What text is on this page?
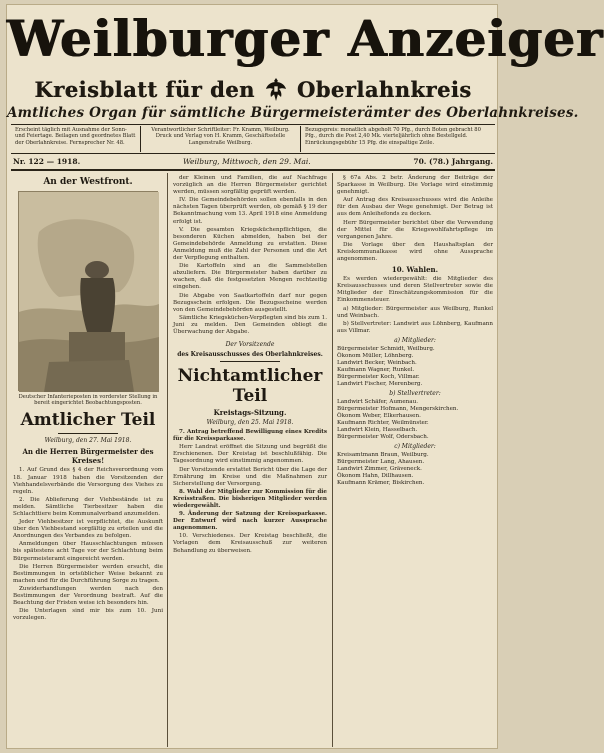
Weilburger Anzeiger
Kreisblatt für den Oberlahnkreis
Amtliches Organ für sämtliche Bürgermeisterämter des Oberlahnkreises.
Erscheint täglich mit Ausnahme der Sonn- und Feiertage. Beilagen und geordnetes Blatt der Oberlahnkreise. Fernsprecher Nr. 48.
Verantwortlicher Schriftleiter: Fr. Kramm, Weilburg. Druck und Verlag von H. Kramm, Geschäftsstelle Langenstraße Weilburg.
Bezugspreis: monatlich abgeholt 70 Pfg., durch Boten gebracht 80 Pfg., durch die Post 2,40 Mk. vierteljährlich ohne Bestellgeld. Einrückungsgebühr 15 Pfg. die einspaltige Zeile.
Nr. 122 — 1918.	Weilburg, Mittwoch, den 29. Mai.	70. (78.) Jahrgang.
An der Westfront.
Deutscher Infanterieposten in vorderster Stellung in bereit eingerichtet Beobachtungsposten.
Amtlicher Teil
Weilburg, den 27. Mai 1918.
An die Herren Bürgermeister des Kreises!

1. Auf Grund des § 4 der Reichsverordnung vom 18. Januar 1918 haben die Vorsitzenden der Viehhandelsverbände die Versorgung des Viehes zu regeln.

2. Die Ablieferung der Viehbestände ist zu melden. Sämtliche Tierbesitzer haben die Schlachttiere beim Kommunalverband anzumelden.

Jeder Viehbesitzer ist verpflichtet, die Auskunft über den Viehbestand sorgfältig zu erteilen und die Anordnungen des Verbandes zu befolgen.

Anmeldungen über Hausschlachtungen müssen bis spätestens acht Tage vor der Schlachtung beim Bürgermeisteramt eingereicht werden.

Die Herren Bürgermeister werden ersucht, die Bestimmungen in ortsüblicher Weise bekannt zu machen und für die Durchführung Sorge zu tragen.

Zuwiderhandlungen werden nach den Bestimmungen der Verordnung bestraft. Auf die Beachtung der Fristen weise ich besonders hin.

Die Unterlagen sind mir bis zum 10. Juni vorzulegen.

der Kleinen und Familien, die auf Nachfrage vorzüglich an die Herren Bürgermeister gerichtet werden, müssen sorgfältig geprüft werden.

IV. Die Gemeindebehörden sollen ebenfalls in den nächsten Tagen überprüft werden, ob gemäß § 19 der Bekanntmachung vom 13. April 1918 eine Anmeldung erfolgt ist.

V. Die gesamten Kriegsküchenpflichtigen, die besonderen Küchen abmelden, haben bei der Gemeindebehörde Anmeldung zu erstatten. Diese Anmeldung muß die Zahl der Personen und die Art der Verpflegung enthalten.

Die Kartoffeln sind an die Sammelstellen abzuliefern. Die Bürgermeister haben darüber zu wachen, daß die festgesetzten Mengen rechtzeitig eingehen.

Die Abgabe von Saatkartoffeln darf nur gegen Bezugsschein erfolgen. Die Bezugsscheine werden von den Gemeindebehörden ausgestellt.

Sämtliche Kriegsküchen-Verpflegten sind bis zum 1. Juni zu melden. Den Gemeinden obliegt die Überwachung der Abgabe.

Der Vorsitzende
des Kreisausschusses des Oberlahnkreises.
Nichtamtlicher Teil
Kreistags-Sitzung.
Weilburg, den 25. Mai 1918.

7. Antrag betreffend Bewilligung eines Kredits für die Kreissparkasse.

Herr Landrat eröffnet die Sitzung und begrüßt die Erschienenen. Der Kreistag ist beschlußfähig. Die Tagesordnung wird einstimmig angenommen.

Der Vorsitzende erstattet Bericht über die Lage der Ernährung im Kreise und die Maßnahmen zur Sicherstellung der Versorgung.

8. Wahl der Mitglieder zur Kommission für die Kreisstraßen. Die bisherigen Mitglieder werden wiedergewählt.

9. Änderung der Satzung der Kreissparkasse. Der Entwurf wird nach kurzer Aussprache angenommen.

10. Verschiedenes. Der Kreistag beschließt, die Vorlagen dem Kreisausschuß zur weiteren Behandlung zu überweisen.

§ 67a Abs. 2 betr. Änderung der Beiträge der Sparkasse in Weilburg. Die Vorlage wird einstimmig genehmigt.

Auf Antrag des Kreisausschusses wird die Anleihe für den Ausbau der Wege genehmigt. Der Betrag ist aus dem Anleihefonds zu decken.

Herr Bürgermeister berichtet über die Verwendung der Mittel für die Kriegswohlfahrtspflege im vergangenen Jahre.

Die Vorlage über den Haushaltsplan der Kreiskommunalkasse wird ohne Aussprache angenommen.

10. Wahlen.

Es werden wiedergewählt: die Mitglieder des Kreisausschusses und deren Stellvertreter sowie die Mitglieder der Einschätzungskommission für die Einkommensteuer.

a) Mitglieder: Bürgermeister aus Weilburg, Runkel und Weinbach.

b) Stellvertreter: Landwirt aus Löhnberg, Kaufmann aus Villmar.

a) Mitglieder:
Bürgermeister Schmidt, Weilburg.
Ökonom Müller, Löhnberg.
Landwirt Becker, Weinbach.
Kaufmann Wagner, Runkel.
Bürgermeister Koch, Villmar.
Landwirt Fischer, Merenberg.
b) Stellvertreter:
Landwirt Schäfer, Aumenau.
Bürgermeister Hofmann, Mengerskirchen.
Ökonom Weber, Elkerhausen.
Kaufmann Richter, Weilmünster.
Landwirt Klein, Hasselbach.
Bürgermeister Wolf, Odersbach.
c) Mitglieder:
Kreisamtmann Braun, Weilburg.
Bürgermeister Lang, Ahausen.
Landwirt Zimmer, Gräveneck.
Ökonom Hahn, Dillhausen.
Kaufmann Krämer, Biskirchen.
